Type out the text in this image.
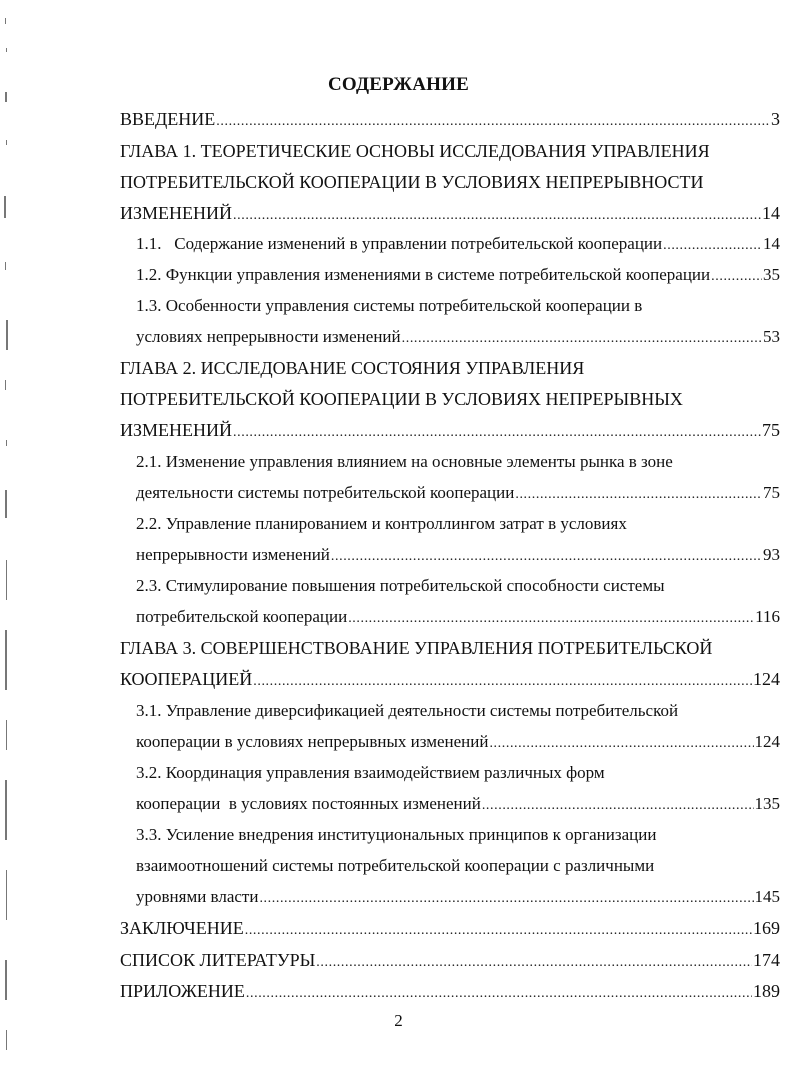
СОДЕРЖАНИЕ
ВВЕДЕНИЕ .....	3
ГЛАВА 1. ТЕОРЕТИЧЕСКИЕ ОСНОВЫ ИССЛЕДОВАНИЯ УПРАВЛЕНИЯ
ПОТРЕБИТЕЛЬСКОЙ КООПЕРАЦИИ В УСЛОВИЯХ НЕПРЕРЫВНОСТИ
ИЗМЕНЕНИЙ .....	14
1.1.   Содержание изменений в управлении потребительской кооперации .....	14
1.2. Функции управления изменениями в системе потребительской кооперации .....	35
1.3. Особенности управления системы потребительской кооперации в
условиях непрерывности изменений .....	53
ГЛАВА 2. ИССЛЕДОВАНИЕ СОСТОЯНИЯ УПРАВЛЕНИЯ
ПОТРЕБИТЕЛЬСКОЙ КООПЕРАЦИИ В УСЛОВИЯХ НЕПРЕРЫВНЫХ
ИЗМЕНЕНИЙ .....	75
2.1. Изменение управления влиянием на основные элементы рынка в зоне
деятельности системы потребительской кооперации .....	75
2.2. Управление планированием и контроллингом затрат в условиях
непрерывности изменений .....	93
2.3. Стимулирование повышения потребительской способности системы
потребительской кооперации .....	116
ГЛАВА 3. СОВЕРШЕНСТВОВАНИЕ УПРАВЛЕНИЯ ПОТРЕБИТЕЛЬСКОЙ
КООПЕРАЦИЕЙ .....	124
3.1. Управление диверсификацией деятельности системы потребительской
кооперации в условиях непрерывных изменений .....	124
3.2. Координация управления взаимодействием различных форм
кооперации  в условиях постоянных изменений .....	135
3.3. Усиление внедрения институциональных принципов к организации
взаимоотношений системы потребительской кооперации с различными
уровнями власти .....	145
ЗАКЛЮЧЕНИЕ .....	169
СПИСОК ЛИТЕРАТУРЫ .....	174
ПРИЛОЖЕНИЕ .....	189
2
